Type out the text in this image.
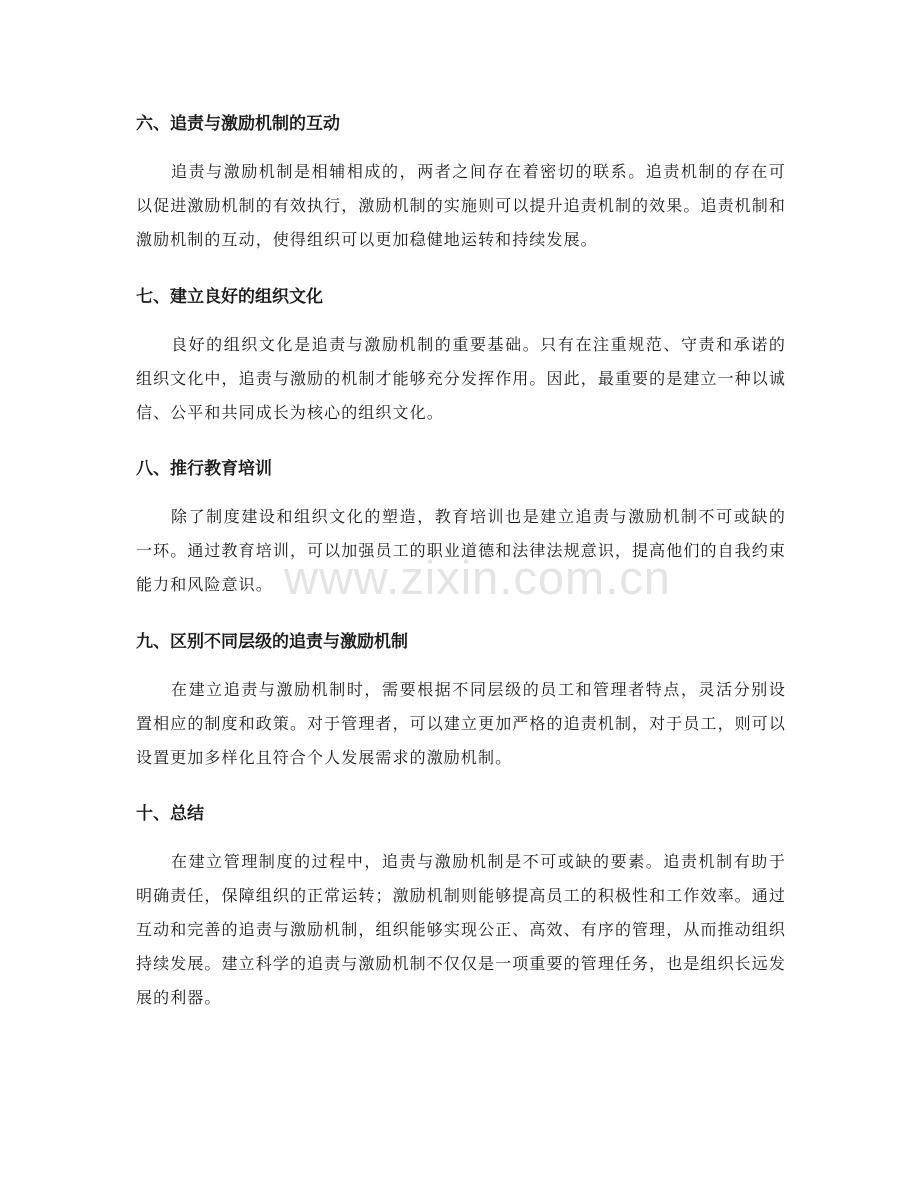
六、追责与激励机制的互动

追责与激励机制是相辅相成的，两者之间存在着密切的联系。追责机制的存在可以促进激励机制的有效执行，激励机制的实施则可以提升追责机制的效果。追责机制和激励机制的互动，使得组织可以更加稳健地运转和持续发展。

七、建立良好的组织文化

良好的组织文化是追责与激励机制的重要基础。只有在注重规范、守责和承诺的组织文化中，追责与激励的机制才能够充分发挥作用。因此，最重要的是建立一种以诚信、公平和共同成长为核心的组织文化。

八、推行教育培训

除了制度建设和组织文化的塑造，教育培训也是建立追责与激励机制不可或缺的一环。通过教育培训，可以加强员工的职业道德和法律法规意识，提高他们的自我约束能力和风险意识。

九、区别不同层级的追责与激励机制

在建立追责与激励机制时，需要根据不同层级的员工和管理者特点，灵活分别设置相应的制度和政策。对于管理者，可以建立更加严格的追责机制，对于员工，则可以设置更加多样化且符合个人发展需求的激励机制。

十、总结

在建立管理制度的过程中，追责与激励机制是不可或缺的要素。追责机制有助于明确责任，保障组织的正常运转；激励机制则能够提高员工的积极性和工作效率。通过互动和完善的追责与激励机制，组织能够实现公正、高效、有序的管理，从而推动组织持续发展。建立科学的追责与激励机制不仅仅是一项重要的管理任务，也是组织长远发展的利器。

www.zixin.com.cn
